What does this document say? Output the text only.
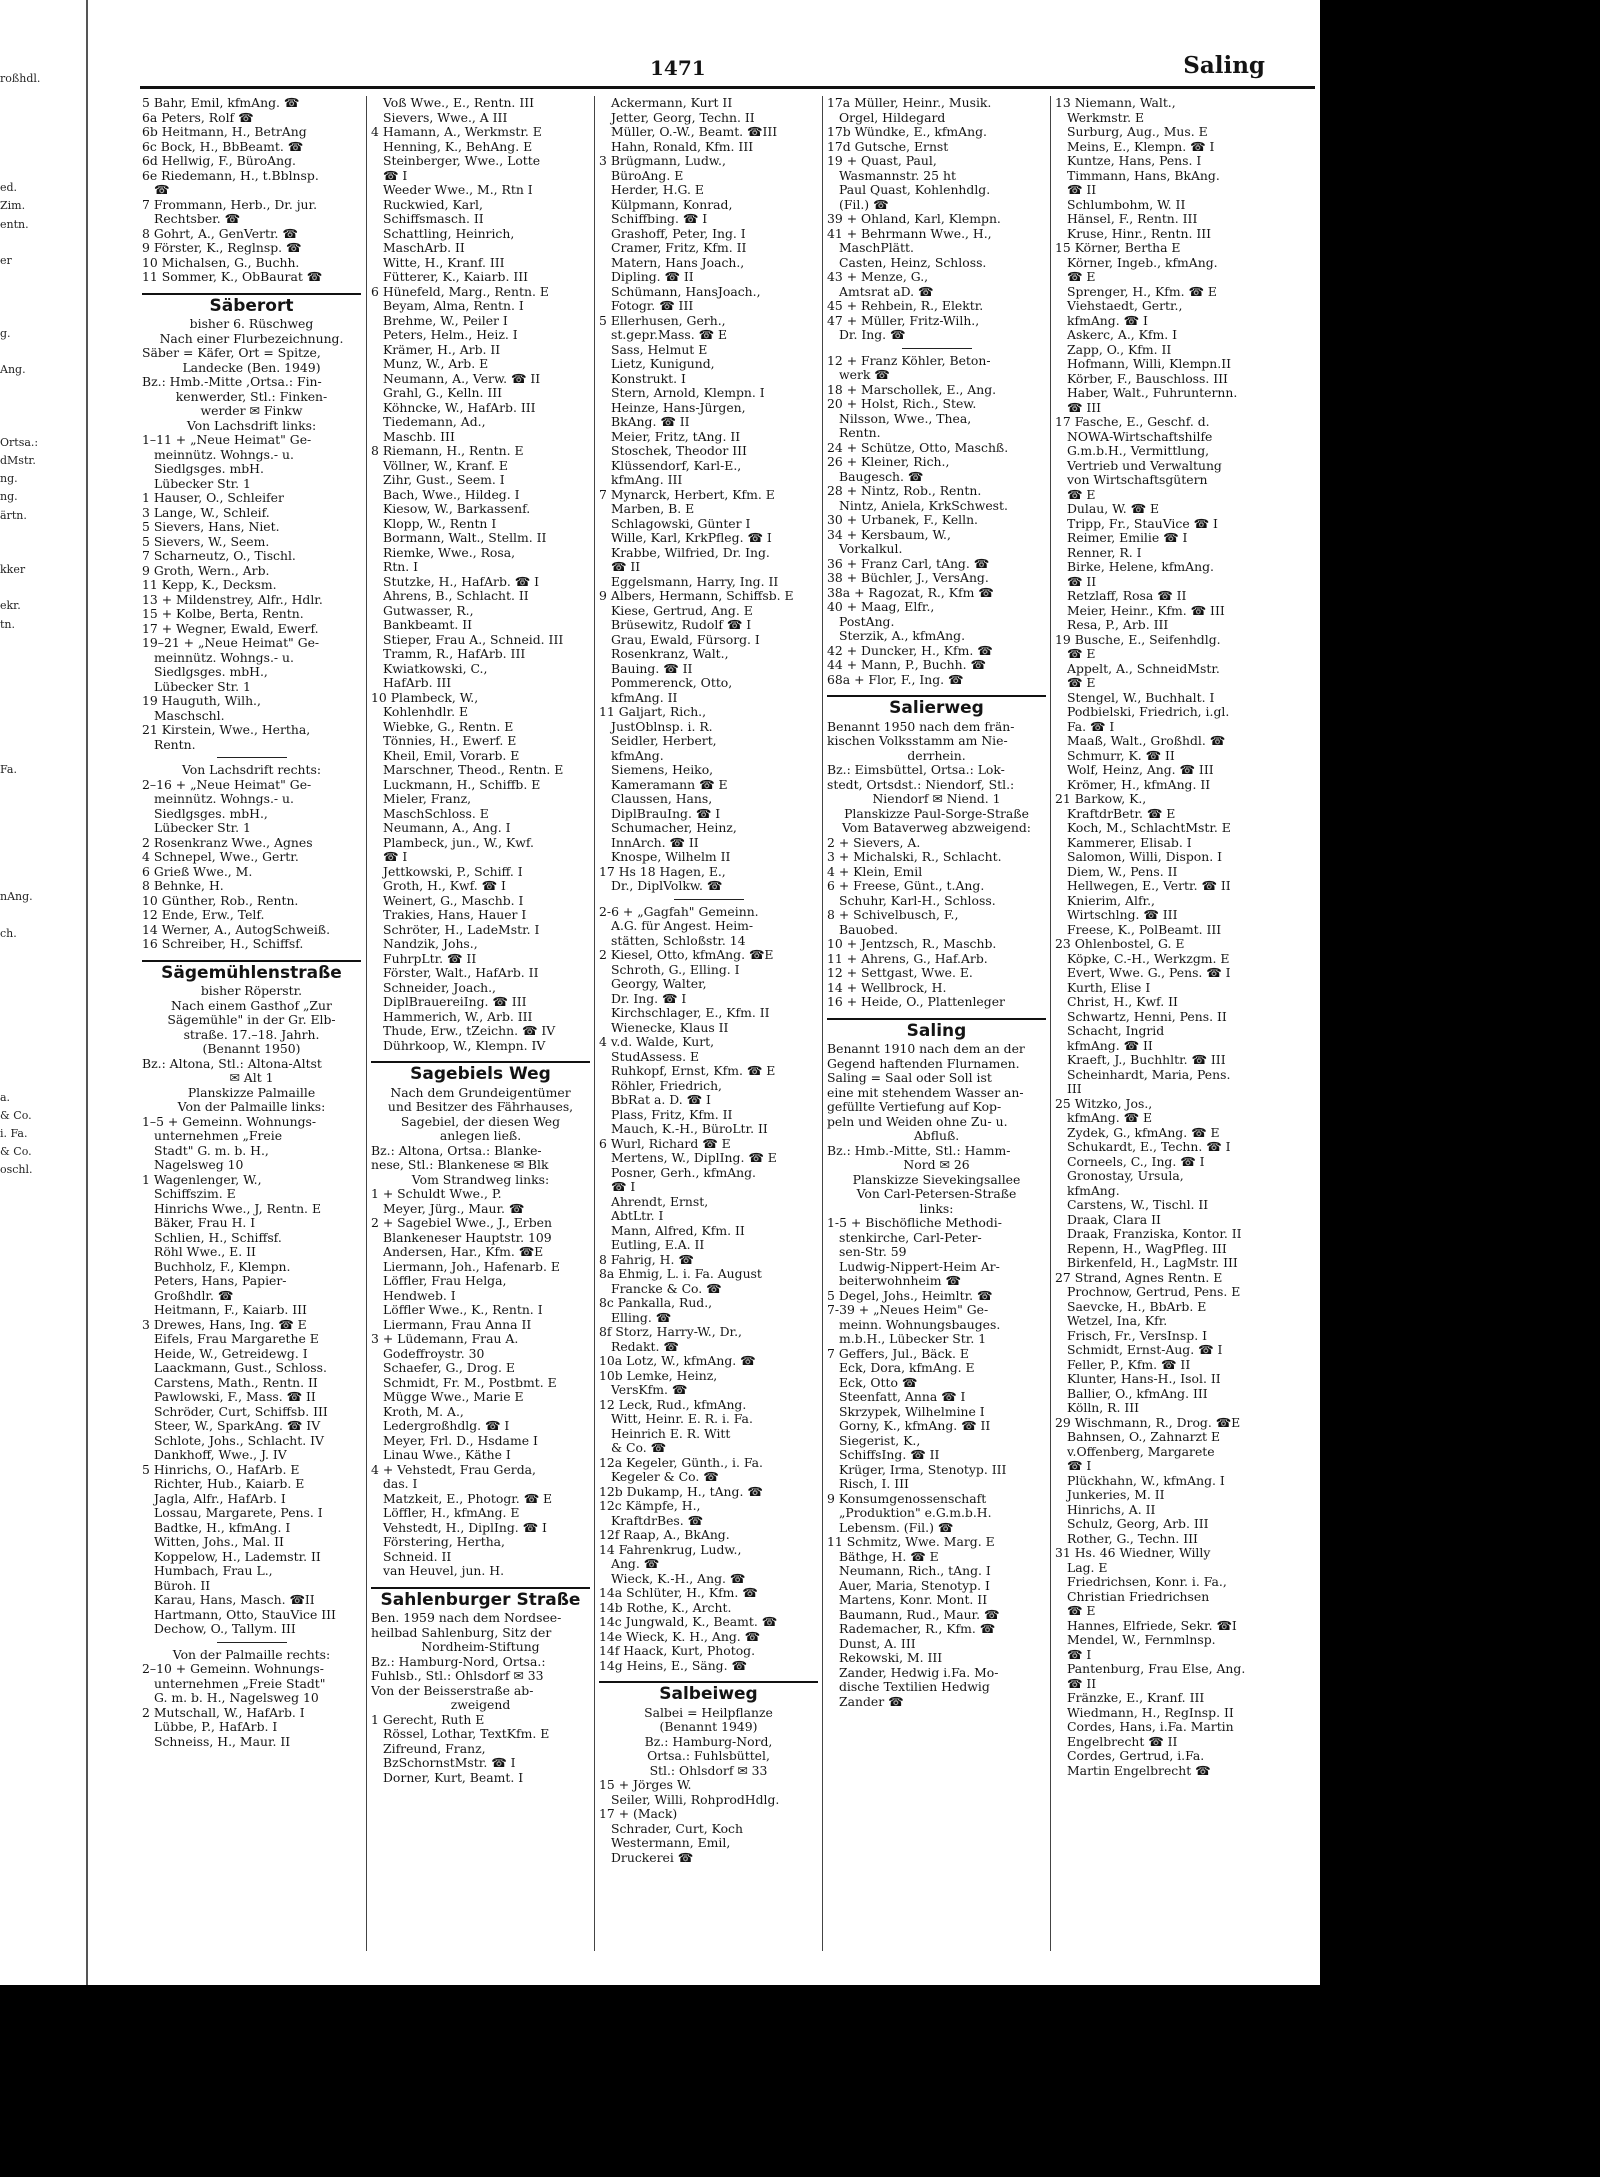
roßhdl.
ed.
Zim.
entn.
er
g.
Ang.
Ortsa.:
dMstr.
ng.
ng.
ärtn.
kker
ekr.
tn.
Fa.
nAng.
ch.
a.
& Co.
i. Fa.
& Co.
oschl.
1471	Saling
5 Bahr, Emil, kfmAng. ☎
6a Peters, Rolf ☎
6b Heitmann, H., BetrAng
6c Bock, H., BbBeamt. ☎
6d Hellwig, F., BüroAng.
6e Riedemann, H., t.Bblnsp.
☎
7 Frommann, Herb., Dr. jur.
Rechtsber. ☎
8 Gohrt, A., GenVertr. ☎
9 Förster, K., Reglnsp. ☎
10 Michalsen, G., Buchh.
11 Sommer, K., ObBaurat ☎
Säberort
bisher 6. Rüschweg
Nach einer Flurbezeichnung.
Säber = Käfer, Ort = Spitze,
Landecke (Ben. 1949)
Bz.: Hmb.-Mitte ,Ortsa.: Fin-
kenwerder, Stl.: Finken-
werder ✉ Finkw
Von Lachsdrift links:
1–11 + „Neue Heimat" Ge-
meinnütz. Wohngs.- u.
Siedlgsges. mbH.
Lübecker Str. 1
1 Hauser, O., Schleifer
3 Lange, W., Schleif.
5 Sievers, Hans, Niet.
5 Sievers, W., Seem.
7 Scharneutz, O., Tischl.
9 Groth, Wern., Arb.
11 Kepp, K., Decksm.
13 + Mildenstrey, Alfr., Hdlr.
15 + Kolbe, Berta, Rentn.
17 + Wegner, Ewald, Ewerf.
19–21 + „Neue Heimat" Ge-
meinnütz. Wohngs.- u.
Siedlgsges. mbH.,
Lübecker Str. 1
19 Hauguth, Wilh.,
Maschschl.
21 Kirstein, Wwe., Hertha,
Rentn.
Von Lachsdrift rechts:
2–16 + „Neue Heimat" Ge-
meinnütz. Wohngs.- u.
Siedlgsges. mbH.,
Lübecker Str. 1
2 Rosenkranz Wwe., Agnes
4 Schnepel, Wwe., Gertr.
6 Grieß Wwe., M.
8 Behnke, H.
10 Günther, Rob., Rentn.
12 Ende, Erw., Telf.
14 Werner, A., AutogSchweiß.
16 Schreiber, H., Schiffsf.
Sägemühlenstraße
bisher Röperstr.
Nach einem Gasthof „Zur
Sägemühle" in der Gr. Elb-
straße. 17.–18. Jahrh.
(Benannt 1950)
Bz.: Altona, Stl.: Altona-Altst
✉ Alt 1
Planskizze Palmaille
Von der Palmaille links:
1–5 + Gemeinn. Wohnungs-
unternehmen „Freie
Stadt" G. m. b. H.,
Nagelsweg 10
1 Wagenlenger, W.,
Schiffszim. E
Hinrichs Wwe., J, Rentn. E
Bäker, Frau H. I
Schlien, H., Schiffsf.
Röhl Wwe., E. II
Buchholz, F., Klempn.
Peters, Hans, Papier-
Großhdlr. ☎
Heitmann, F., Kaiarb. III
3 Drewes, Hans, Ing. ☎ E
Eifels, Frau Margarethe E
Heide, W., Getreidewg. I
Laackmann, Gust., Schloss.
Carstens, Math., Rentn. II
Pawlowski, F., Mass. ☎ II
Schröder, Curt, Schiffsb. III
Steer, W., SparkAng. ☎ IV
Schlote, Johs., Schlacht. IV
Dankhoff, Wwe., J. IV
5 Hinrichs, O., HafArb. E
Richter, Hub., Kaiarb. E
Jagla, Alfr., HafArb. I
Lossau, Margarete, Pens. I
Badtke, H., kfmAng. I
Witten, Johs., Mal. II
Koppelow, H., Lademstr. II
Humbach, Frau L.,
Büroh. II
Karau, Hans, Masch. ☎II
Hartmann, Otto, StauVice III
Dechow, O., Tallym. III
Von der Palmaille rechts:
2–10 + Gemeinn. Wohnungs-
unternehmen „Freie Stadt"
G. m. b. H., Nagelsweg 10
2 Mutschall, W., HafArb. I
Lübbe, P., HafArb. I
Schneiss, H., Maur. II
Voß Wwe., E., Rentn. III
Sievers, Wwe., A III
4 Hamann, A., Werkmstr. E
Henning, K., BehAng. E
Steinberger, Wwe., Lotte
☎ I
Weeder Wwe., M., Rtn I
Ruckwied, Karl,
Schiffsmasch. II
Schattling, Heinrich,
MaschArb. II
Witte, H., Kranf. III
Fütterer, K., Kaiarb. III
6 Hünefeld, Marg., Rentn. E
Beyam, Alma, Rentn. I
Brehme, W., Peiler I
Peters, Helm., Heiz. I
Krämer, H., Arb. II
Munz, W., Arb. E
Neumann, A., Verw. ☎ II
Grahl, G., Kelln. III
Köhncke, W., HafArb. III
Tiedemann, Ad.,
Maschb. III
8 Riemann, H., Rentn. E
Völlner, W., Kranf. E
Zihr, Gust., Seem. I
Bach, Wwe., Hildeg. I
Kiesow, W., Barkassenf.
Klopp, W., Rentn I
Bormann, Walt., Stellm. II
Riemke, Wwe., Rosa,
Rtn. I
Stutzke, H., HafArb. ☎ I
Ahrens, B., Schlacht. II
Gutwasser, R.,
Bankbeamt. II
Stieper, Frau A., Schneid. III
Tramm, R., HafArb. III
Kwiatkowski, C.,
HafArb. III
10 Plambeck, W.,
Kohlenhdlr. E
Wiebke, G., Rentn. E
Tönnies, H., Ewerf. E
Kheil, Emil, Vorarb. E
Marschner, Theod., Rentn. E
Luckmann, H., Schiffb. E
Mieler, Franz,
MaschSchloss. E
Neumann, A., Ang. I
Plambeck, jun., W., Kwf.
☎ I
Jettkowski, P., Schiff. I
Groth, H., Kwf. ☎ I
Weinert, G., Maschb. I
Trakies, Hans, Hauer I
Schröter, H., LadeMstr. I
Nandzik, Johs.,
FuhrpLtr. ☎ II
Förster, Walt., HafArb. II
Schneider, Joach.,
DiplBrauereiIng. ☎ III
Hammerich, W., Arb. III
Thude, Erw., tZeichn. ☎ IV
Dührkoop, W., Klempn. IV
Sagebiels Weg
Nach dem Grundeigentümer
und Besitzer des Fährhauses,
Sagebiel, der diesen Weg
anlegen ließ.
Bz.: Altona, Ortsa.: Blanke-
nese, Stl.: Blankenese ✉ Blk
Vom Strandweg links:
1 + Schuldt Wwe., P.
Meyer, Jürg., Maur. ☎
2 + Sagebiel Wwe., J., Erben
Blankeneser Hauptstr. 109
Andersen, Har., Kfm. ☎E
Liermann, Joh., Hafenarb. E
Löffler, Frau Helga,
Hendweb. I
Löffler Wwe., K., Rentn. I
Liermann, Frau Anna II
3 + Lüdemann, Frau A.
Godeffroystr. 30
Schaefer, G., Drog. E
Schmidt, Fr. M., Postbmt. E
Mügge Wwe., Marie E
Kroth, M. A.,
Ledergroßhdlg. ☎ I
Meyer, Frl. D., Hsdame I
Linau Wwe., Käthe I
4 + Vehstedt, Frau Gerda,
das. I
Matzkeit, E., Photogr. ☎ E
Löffler, H., kfmAng. E
Vehstedt, H., DiplIng. ☎ I
Förstering, Hertha,
Schneid. II
van Heuvel, jun. H.
Sahlenburger Straße
Ben. 1959 nach dem Nordsee-
heilbad Sahlenburg, Sitz der
Nordheim-Stiftung
Bz.: Hamburg-Nord, Ortsa.:
Fuhlsb., Stl.: Ohlsdorf ✉ 33
Von der Beisserstraße ab-
zweigend
1 Gerecht, Ruth E
Rössel, Lothar, TextKfm. E
Zifreund, Franz,
BzSchornstMstr. ☎ I
Dorner, Kurt, Beamt. I
Ackermann, Kurt II
Jetter, Georg, Techn. II
Müller, O.-W., Beamt. ☎III
Hahn, Ronald, Kfm. III
3 Brügmann, Ludw.,
BüroAng. E
Herder, H.G. E
Külpmann, Konrad,
Schiffbing. ☎ I
Grashoff, Peter, Ing. I
Cramer, Fritz, Kfm. II
Matern, Hans Joach.,
Dipling. ☎ II
Schümann, HansJoach.,
Fotogr. ☎ III
5 Ellerhusen, Gerh.,
st.gepr.Mass. ☎ E
Sass, Helmut E
Lietz, Kunigund,
Konstrukt. I
Stern, Arnold, Klempn. I
Heinze, Hans-Jürgen,
BkAng. ☎ II
Meier, Fritz, tAng. II
Stoschek, Theodor III
Klüssendorf, Karl-E.,
kfmAng. III
7 Mynarck, Herbert, Kfm. E
Marben, B. E
Schlagowski, Günter I
Wille, Karl, KrkPfleg. ☎ I
Krabbe, Wilfried, Dr. Ing.
☎ II
Eggelsmann, Harry, Ing. II
9 Albers, Hermann, Schiffsb. E
Kiese, Gertrud, Ang. E
Brüsewitz, Rudolf ☎ I
Grau, Ewald, Fürsorg. I
Rosenkranz, Walt.,
Bauing. ☎ II
Pommerenck, Otto,
kfmAng. II
11 Galjart, Rich.,
JustOblnsp. i. R.
Seidler, Herbert,
kfmAng.
Siemens, Heiko,
Kameramann ☎ E
Claussen, Hans,
DiplBrauIng. ☎ I
Schumacher, Heinz,
InnArch. ☎ II
Knospe, Wilhelm II
17 Hs 18 Hagen, E.,
Dr., DiplVolkw. ☎
2-6 + „Gagfah" Gemeinn.
A.G. für Angest. Heim-
stätten, Schloßstr. 14
2 Kiesel, Otto, kfmAng. ☎E
Schroth, G., Elling. I
Georgy, Walter,
Dr. Ing. ☎ I
Kirchschlager, E., Kfm. II
Wienecke, Klaus II
4 v.d. Walde, Kurt,
StudAssess. E
Ruhkopf, Ernst, Kfm. ☎ E
Röhler, Friedrich,
BbRat a. D. ☎ I
Plass, Fritz, Kfm. II
Mauch, K.-H., BüroLtr. II
6 Wurl, Richard ☎ E
Mertens, W., DiplIng. ☎ E
Posner, Gerh., kfmAng.
☎ I
Ahrendt, Ernst,
AbtLtr. I
Mann, Alfred, Kfm. II
Eutling, E.A. II
8 Fahrig, H. ☎
8a Ehmig, L. i. Fa. August
Francke & Co. ☎
8c Pankalla, Rud.,
Elling. ☎
8f Storz, Harry-W., Dr.,
Redakt. ☎
10a Lotz, W., kfmAng. ☎
10b Lemke, Heinz,
VersKfm. ☎
12 Leck, Rud., kfmAng.
Witt, Heinr. E. R. i. Fa.
Heinrich E. R. Witt
& Co. ☎
12a Kegeler, Günth., i. Fa.
Kegeler & Co. ☎
12b Dukamp, H., tAng. ☎
12c Kämpfe, H.,
KraftdrBes. ☎
12f Raap, A., BkAng.
14 Fahrenkrug, Ludw.,
Ang. ☎
Wieck, K.-H., Ang. ☎
14a Schlüter, H., Kfm. ☎
14b Rothe, K., Archt.
14c Jungwald, K., Beamt. ☎
14e Wieck, K. H., Ang. ☎
14f Haack, Kurt, Photog.
14g Heins, E., Säng. ☎
Salbeiweg
Salbei = Heilpflanze
(Benannt 1949)
Bz.: Hamburg-Nord,
Ortsa.: Fuhlsbüttel,
Stl.: Ohlsdorf ✉ 33
15 + Jörges W.
Seiler, Willi, RohprodHdlg.
17 + (Mack)
Schrader, Curt, Koch
Westermann, Emil,
Druckerei ☎
17a Müller, Heinr., Musik.
Orgel, Hildegard
17b Wündke, E., kfmAng.
17d Gutsche, Ernst
19 + Quast, Paul,
Wasmannstr. 25 ht
Paul Quast, Kohlenhdlg.
(Fil.) ☎
39 + Ohland, Karl, Klempn.
41 + Behrmann Wwe., H.,
MaschPlätt.
Casten, Heinz, Schloss.
43 + Menze, G.,
Amtsrat aD. ☎
45 + Rehbein, R., Elektr.
47 + Müller, Fritz-Wilh.,
Dr. Ing. ☎
12 + Franz Köhler, Beton-
werk ☎
18 + Marschollek, E., Ang.
20 + Holst, Rich., Stew.
Nilsson, Wwe., Thea,
Rentn.
24 + Schütze, Otto, Maschß.
26 + Kleiner, Rich.,
Baugesch. ☎
28 + Nintz, Rob., Rentn.
Nintz, Aniela, KrkSchwest.
30 + Urbanek, F., Kelln.
34 + Kersbaum, W.,
Vorkalkul.
36 + Franz Carl, tAng. ☎
38 + Büchler, J., VersAng.
38a + Ragozat, R., Kfm ☎
40 + Maag, Elfr.,
PostAng.
Sterzik, A., kfmAng.
42 + Duncker, H., Kfm. ☎
44 + Mann, P., Buchh. ☎
68a + Flor, F., Ing. ☎
Salierweg
Benannt 1950 nach dem frän-
kischen Volksstamm am Nie-
derrhein.
Bz.: Eimsbüttel, Ortsa.: Lok-
stedt, Ortsdst.: Niendorf, Stl.:
Niendorf ✉ Niend. 1
Planskizze Paul-Sorge-Straße
Vom Bataverweg abzweigend:
2 + Sievers, A.
3 + Michalski, R., Schlacht.
4 + Klein, Emil
6 + Freese, Günt., t.Ang.
Schuhr, Karl-H., Schloss.
8 + Schivelbusch, F.,
Bauobed.
10 + Jentzsch, R., Maschb.
11 + Ahrens, G., Haf.Arb.
12 + Settgast, Wwe. E.
14 + Wellbrock, H.
16 + Heide, O., Plattenleger
Saling
Benannt 1910 nach dem an der
Gegend haftenden Flurnamen.
Saling = Saal oder Soll ist
eine mit stehendem Wasser an-
gefüllte Vertiefung auf Kop-
peln und Weiden ohne Zu- u.
Abfluß.
Bz.: Hmb.-Mitte, Stl.: Hamm-
Nord ✉ 26
Planskizze Sievekingsallee
Von Carl-Petersen-Straße
links:
1-5 + Bischöfliche Methodi-
stenkirche, Carl-Peter-
sen-Str. 59
Ludwig-Nippert-Heim Ar-
beiterwohnheim ☎
5 Degel, Johs., Heimltr. ☎
7-39 + „Neues Heim" Ge-
meinn. Wohnungsbauges.
m.b.H., Lübecker Str. 1
7 Geffers, Jul., Bäck. E
Eck, Dora, kfmAng. E
Eck, Otto ☎
Steenfatt, Anna ☎ I
Skrzypek, Wilhelmine I
Gorny, K., kfmAng. ☎ II
Siegerist, K.,
SchiffsIng. ☎ II
Krüger, Irma, Stenotyp. III
Risch, I. III
9 Konsumgenossenschaft
„Produktion" e.G.m.b.H.
Lebensm. (Fil.) ☎
11 Schmitz, Wwe. Marg. E
Bäthge, H. ☎ E
Neumann, Rich., tAng. I
Auer, Maria, Stenotyp. I
Martens, Konr. Mont. II
Baumann, Rud., Maur. ☎
Rademacher, R., Kfm. ☎
Dunst, A. III
Rekowski, M. III
Zander, Hedwig i.Fa. Mo-
dische Textilien Hedwig
Zander ☎
13 Niemann, Walt.,
Werkmstr. E
Surburg, Aug., Mus. E
Meins, E., Klempn. ☎ I
Kuntze, Hans, Pens. I
Timmann, Hans, BkAng.
☎ II
Schlumbohm, W. II
Hänsel, F., Rentn. III
Kruse, Hinr., Rentn. III
15 Körner, Bertha E
Körner, Ingeb., kfmAng.
☎ E
Sprenger, H., Kfm. ☎ E
Viehstaedt, Gertr.,
kfmAng. ☎ I
Askerc, A., Kfm. I
Zapp, O., Kfm. II
Hofmann, Willi, Klempn.II
Körber, F., Bauschloss. III
Haber, Walt., Fuhrunternn.
☎ III
17 Fasche, E., Geschf. d.
NOWA-Wirtschaftshilfe
G.m.b.H., Vermittlung,
Vertrieb und Verwaltung
von Wirtschaftsgütern
☎ E
Dulau, W. ☎ E
Tripp, Fr., StauVice ☎ I
Reimer, Emilie ☎ I
Renner, R. I
Birke, Helene, kfmAng.
☎ II
Retzlaff, Rosa ☎ II
Meier, Heinr., Kfm. ☎ III
Resa, P., Arb. III
19 Busche, E., Seifenhdlg.
☎ E
Appelt, A., SchneidMstr.
☎ E
Stengel, W., Buchhalt. I
Podbielski, Friedrich, i.gl.
Fa. ☎ I
Maaß, Walt., Großhdl. ☎
Schmurr, K. ☎ II
Wolf, Heinz, Ang. ☎ III
Krömer, H., kfmAng. II
21 Barkow, K.,
KraftdrBetr. ☎ E
Koch, M., SchlachtMstr. E
Kammerer, Elisab. I
Salomon, Willi, Dispon. I
Diem, W., Pens. II
Hellwegen, E., Vertr. ☎ II
Knierim, Alfr.,
Wirtschlng. ☎ III
Freese, K., PolBeamt. III
23 Ohlenbostel, G. E
Köpke, C.-H., Werkzgm. E
Evert, Wwe. G., Pens. ☎ I
Kurth, Elise I
Christ, H., Kwf. II
Schwartz, Henni, Pens. II
Schacht, Ingrid
kfmAng. ☎ II
Kraeft, J., Buchhltr. ☎ III
Scheinhardt, Maria, Pens.
III
25 Witzko, Jos.,
kfmAng. ☎ E
Zydek, G., kfmAng. ☎ E
Schukardt, E., Techn. ☎ I
Corneels, C., Ing. ☎ I
Gronostay, Ursula,
kfmAng.
Carstens, W., Tischl. II
Draak, Clara II
Draak, Franziska, Kontor. II
Repenn, H., WagPfleg. III
Birkenfeld, H., LagMstr. III
27 Strand, Agnes Rentn. E
Prochnow, Gertrud, Pens. E
Saevcke, H., BbArb. E
Wetzel, Ina, Kfr.
Frisch, Fr., VersInsp. I
Schmidt, Ernst-Aug. ☎ I
Feller, P., Kfm. ☎ II
Klunter, Hans-H., Isol. II
Ballier, O., kfmAng. III
Kölln, R. III
29 Wischmann, R., Drog. ☎E
Bahnsen, O., Zahnarzt E
v.Offenberg, Margarete
☎ I
Plückhahn, W., kfmAng. I
Junkeries, M. II
Hinrichs, A. II
Schulz, Georg, Arb. III
Rother, G., Techn. III
31 Hs. 46 Wiedner, Willy
Lag. E
Friedrichsen, Konr. i. Fa.,
Christian Friedrichsen
☎ E
Hannes, Elfriede, Sekr. ☎I
Mendel, W., Fernmlnsp.
☎ I
Pantenburg, Frau Else, Ang.
☎ II
Fränzke, E., Kranf. III
Wiedmann, H., RegInsp. II
Cordes, Hans, i.Fa. Martin
Engelbrecht ☎ II
Cordes, Gertrud, i.Fa.
Martin Engelbrecht ☎
